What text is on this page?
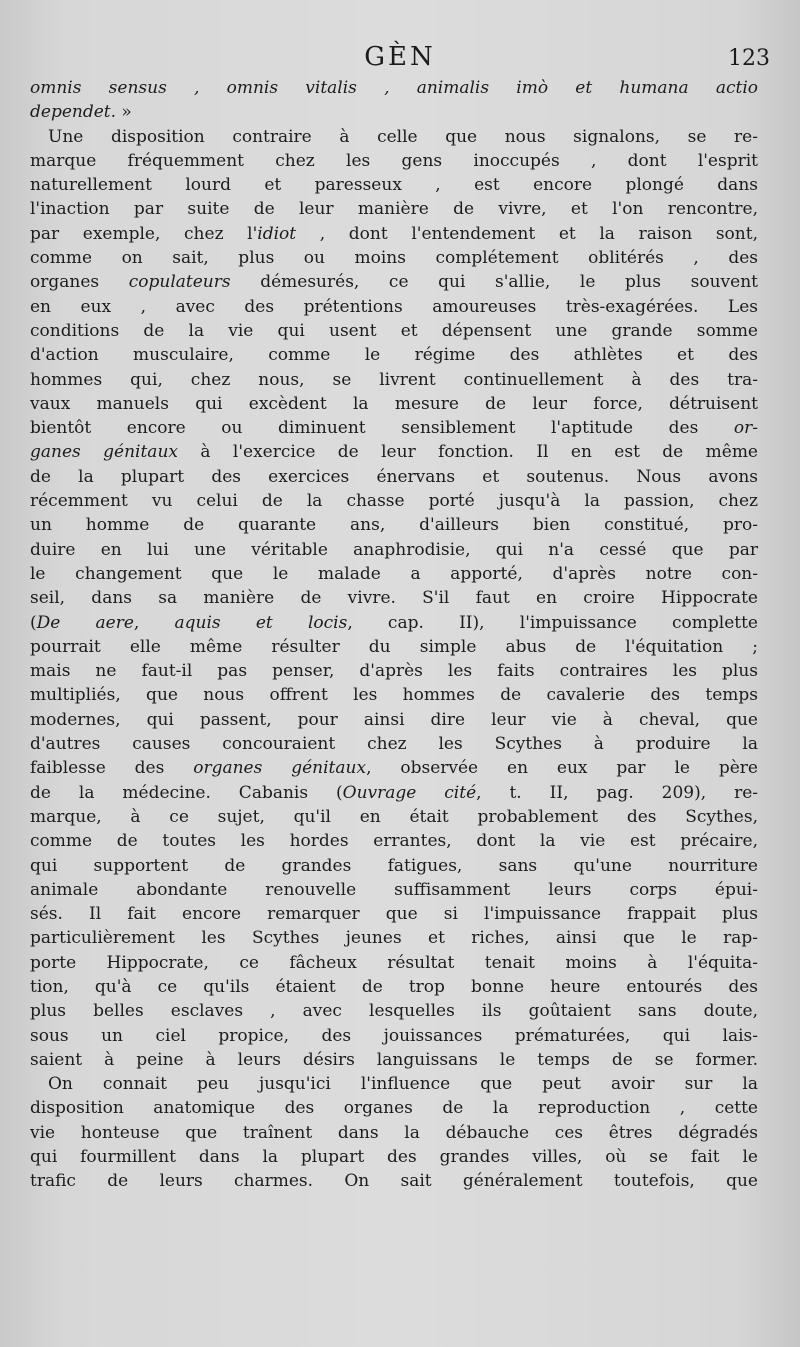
GÈN	123
omnis sensus , omnis vitalis , animalis imò et humana actio
dependet. »
Une disposition contraire à celle que nous signalons, se re-
marque fréquemment chez les gens inoccupés , dont l'esprit
naturellement lourd et paresseux , est encore plongé dans
l'inaction par suite de leur manière de vivre, et l'on rencontre,
par exemple, chez l'idiot , dont l'entendement et la raison sont,
comme on sait, plus ou moins complétement oblitérés , des
organes copulateurs démesurés, ce qui s'allie, le plus souvent
en eux , avec des prétentions amoureuses très-exagérées. Les
conditions de la vie qui usent et dépensent une grande somme
d'action musculaire, comme le régime des athlètes et des
hommes qui, chez nous, se livrent continuellement à des tra-
vaux manuels qui excèdent la mesure de leur force, détruisent
bientôt encore ou diminuent sensiblement l'aptitude des or-
ganes génitaux à l'exercice de leur fonction. Il en est de même
de la plupart des exercices énervans et soutenus. Nous avons
récemment vu celui de la chasse porté jusqu'à la passion, chez
un homme de quarante ans, d'ailleurs bien constitué, pro-
duire en lui une véritable anaphrodisie, qui n'a cessé que par
le changement que le malade a apporté, d'après notre con-
seil, dans sa manière de vivre. S'il faut en croire Hippocrate
(De aere, aquis et locis, cap. II), l'impuissance complette
pourrait elle même résulter du simple abus de l'équitation ;
mais ne faut-il pas penser, d'après les faits contraires les plus
multipliés, que nous offrent les hommes de cavalerie des temps
modernes, qui passent, pour ainsi dire leur vie à cheval, que
d'autres causes concouraient chez les Scythes à produire la
faiblesse des organes génitaux, observée en eux par le père
de la médecine. Cabanis (Ouvrage cité, t. II, pag. 209), re-
marque, à ce sujet, qu'il en était probablement des Scythes,
comme de toutes les hordes errantes, dont la vie est précaire,
qui supportent de grandes fatigues, sans qu'une nourriture
animale abondante renouvelle suffisamment leurs corps épui-
sés. Il fait encore remarquer que si l'impuissance frappait plus
particulièrement les Scythes jeunes et riches, ainsi que le rap-
porte Hippocrate, ce fâcheux résultat tenait moins à l'équita-
tion, qu'à ce qu'ils étaient de trop bonne heure entourés des
plus belles esclaves , avec lesquelles ils goûtaient sans doute,
sous un ciel propice, des jouissances prématurées, qui lais-
saient à peine à leurs désirs languissans le temps de se former.
On connait peu jusqu'ici l'influence que peut avoir sur la
disposition anatomique des organes de la reproduction , cette
vie honteuse que traînent dans la débauche ces êtres dégradés
qui fourmillent dans la plupart des grandes villes, où se fait le
trafic de leurs charmes. On sait généralement toutefois, que
